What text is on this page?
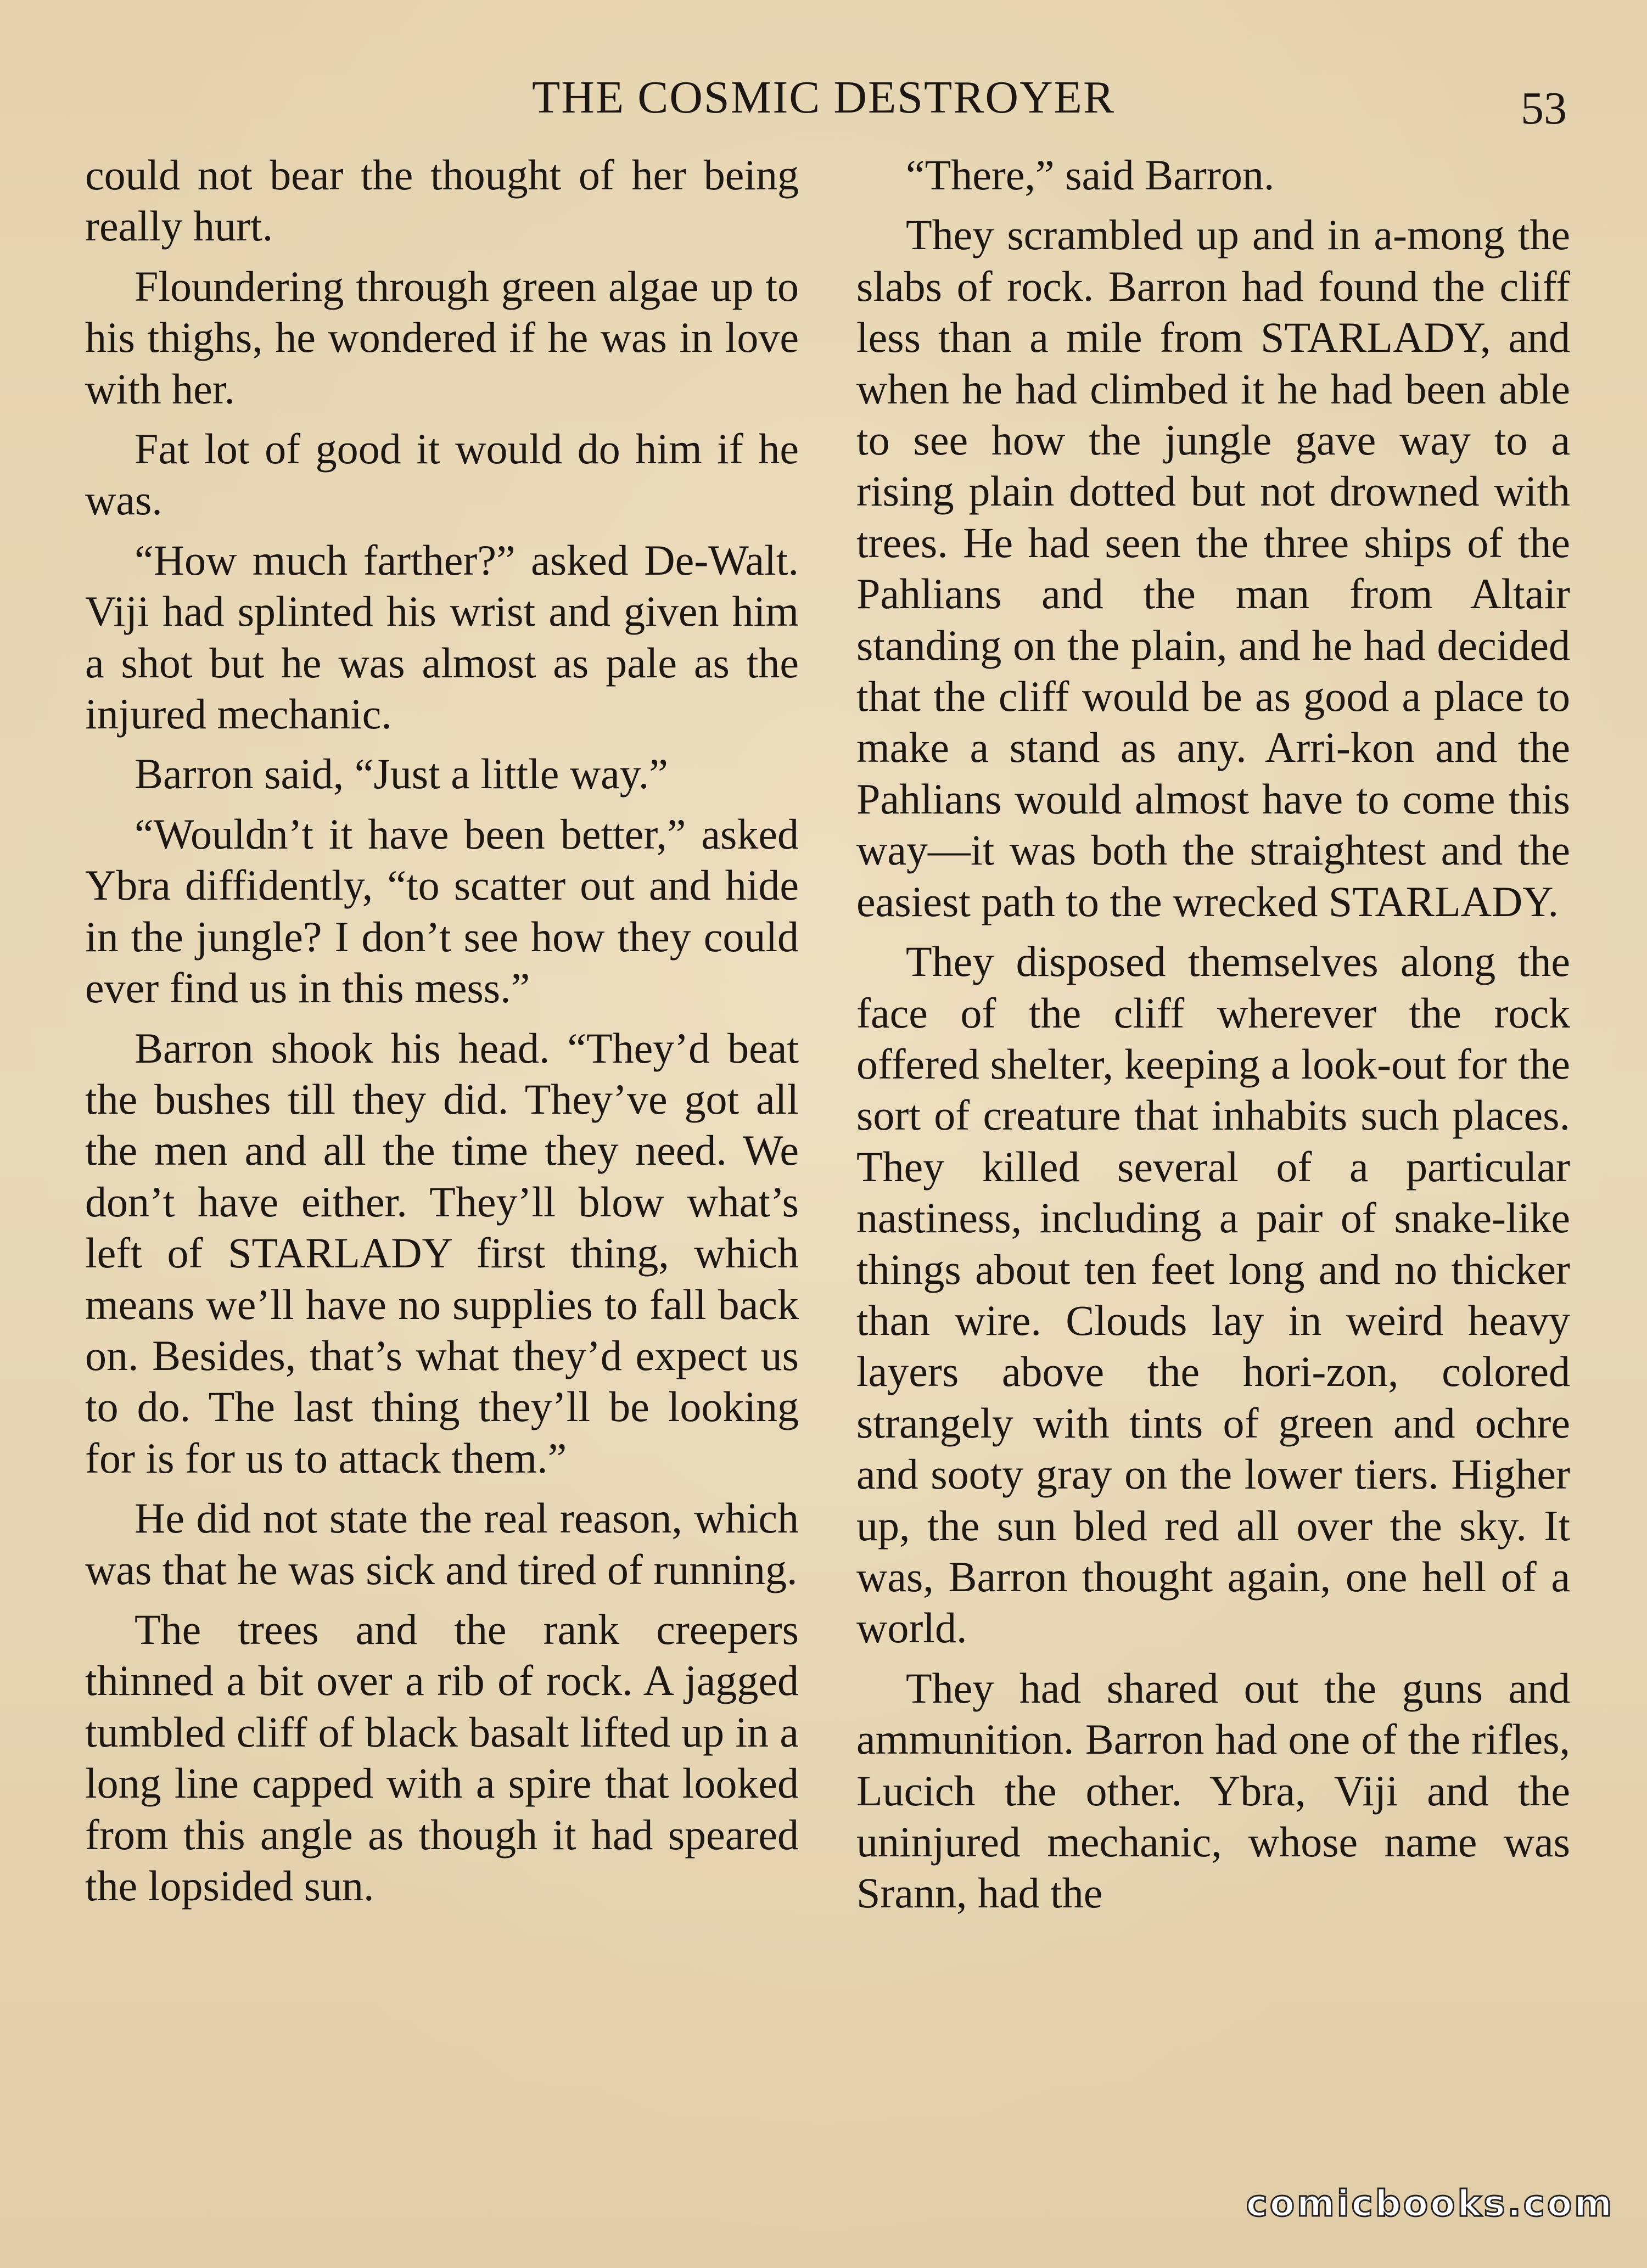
THE COSMIC DESTROYER	53

could not bear the thought of her being really hurt.

Floundering through green algae up to his thighs, he wondered if he was in love with her.

Fat lot of good it would do him if he was.

“How much farther?” asked De-Walt. Viji had splinted his wrist and given him a shot but he was almost as pale as the injured mechanic.

Barron said, “Just a little way.”

“Wouldn’t it have been better,” asked Ybra diffidently, “to scatter out and hide in the jungle? I don’t see how they could ever find us in this mess.”

Barron shook his head. “They’d beat the bushes till they did. They’ve got all the men and all the time they need. We don’t have either. They’ll blow what’s left of STARLADY first thing, which means we’ll have no supplies to fall back on. Besides, that’s what they’d expect us to do. The last thing they’ll be looking for is for us to attack them.”

He did not state the real reason, which was that he was sick and tired of running.

The trees and the rank creepers thinned a bit over a rib of rock. A jagged tumbled cliff of black basalt lifted up in a long line capped with a spire that looked from this angle as though it had speared the lopsided sun.

“There,” said Barron.

They scrambled up and in a-mong the slabs of rock. Barron had found the cliff less than a mile from STARLADY, and when he had climbed it he had been able to see how the jungle gave way to a rising plain dotted but not drowned with trees. He had seen the three ships of the Pahlians and the man from Altair standing on the plain, and he had decided that the cliff would be as good a place to make a stand as any. Arri-kon and the Pahlians would almost have to come this way—it was both the straightest and the easiest path to the wrecked STARLADY.

They disposed themselves along the face of the cliff wherever the rock offered shelter, keeping a look-out for the sort of creature that inhabits such places. They killed several of a particular nastiness, including a pair of snake-like things about ten feet long and no thicker than wire. Clouds lay in weird heavy layers above the hori-zon, colored strangely with tints of green and ochre and sooty gray on the lower tiers. Higher up, the sun bled red all over the sky. It was, Barron thought again, one hell of a world.

They had shared out the guns and ammunition. Barron had one of the rifles, Lucich the other. Ybra, Viji and the uninjured mechanic, whose name was Srann, had the

comicbooks.com
